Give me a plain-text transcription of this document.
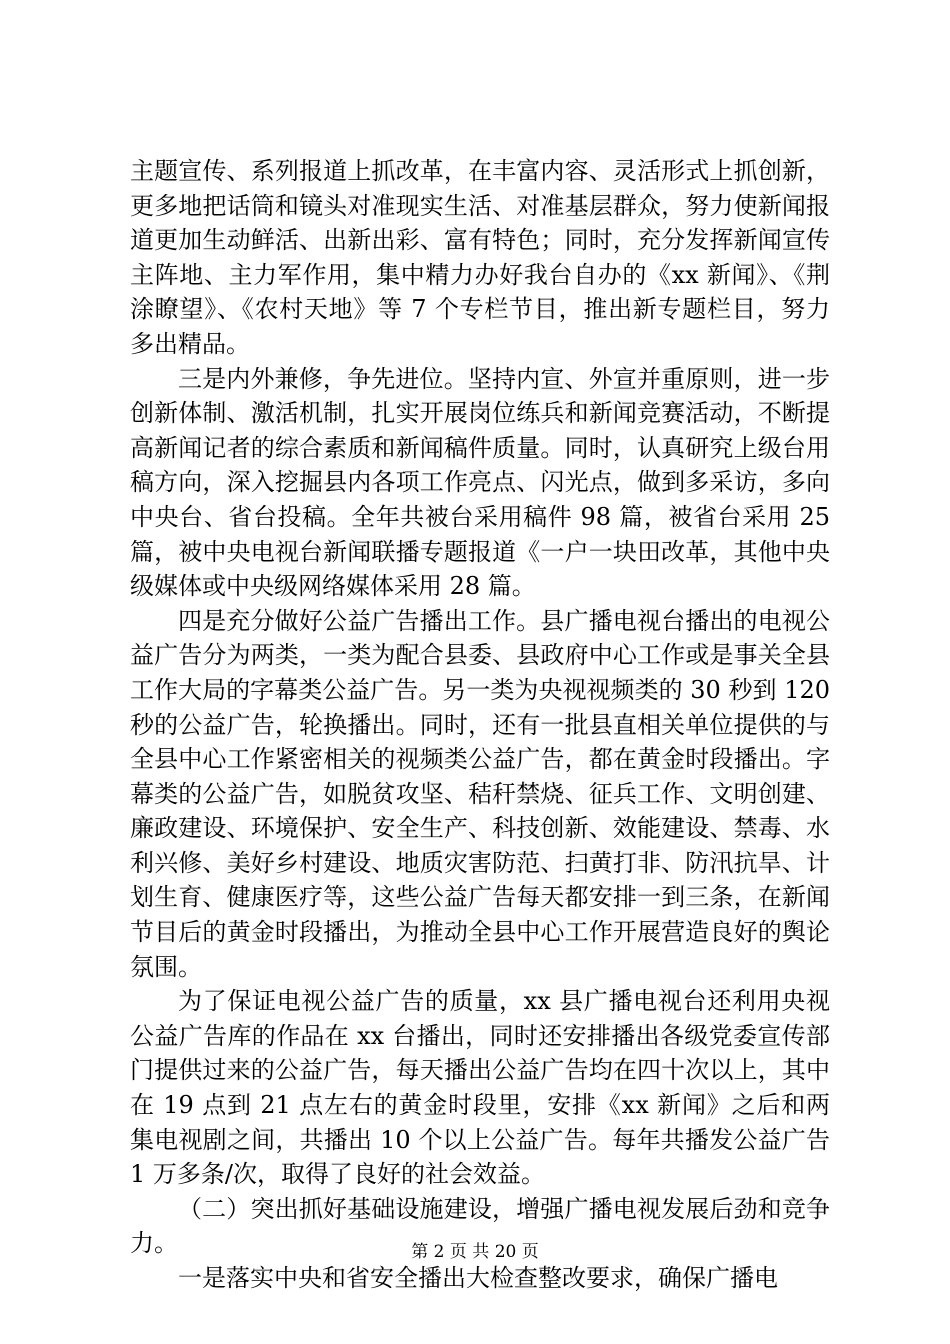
主题宣传、系列报道上抓改革，在丰富内容、灵活形式上抓创新，更多地把话筒和镜头对准现实生活、对准基层群众，努力使新闻报道更加生动鲜活、出新出彩、富有特色；同时，充分发挥新闻宣传主阵地、主力军作用，集中精力办好我台自办的《xx 新闻》、《荆涂瞭望》、《农村天地》等 7 个专栏节目，推出新专题栏目，努力多出精品。

三是内外兼修，争先进位。坚持内宣、外宣并重原则，进一步创新体制、激活机制，扎实开展岗位练兵和新闻竞赛活动，不断提高新闻记者的综合素质和新闻稿件质量。同时，认真研究上级台用稿方向，深入挖掘县内各项工作亮点、闪光点，做到多采访，多向中央台、省台投稿。全年共被台采用稿件 98 篇，被省台采用 25 篇，被中央电视台新闻联播专题报道《一户一块田改革，其他中央级媒体或中央级网络媒体采用 28 篇。

四是充分做好公益广告播出工作。县广播电视台播出的电视公益广告分为两类，一类为配合县委、县政府中心工作或是事关全县工作大局的字幕类公益广告。另一类为央视视频类的 30 秒到 120 秒的公益广告，轮换播出。同时，还有一批县直相关单位提供的与全县中心工作紧密相关的视频类公益广告，都在黄金时段播出。字幕类的公益广告，如脱贫攻坚、秸秆禁烧、征兵工作、文明创建、廉政建设、环境保护、安全生产、科技创新、效能建设、禁毒、水利兴修、美好乡村建设、地质灾害防范、扫黄打非、防汛抗旱、计划生育、健康医疗等，这些公益广告每天都安排一到三条，在新闻节目后的黄金时段播出，为推动全县中心工作开展营造良好的舆论氛围。

为了保证电视公益广告的质量，xx 县广播电视台还利用央视公益广告库的作品在 xx 台播出，同时还安排播出各级党委宣传部门提供过来的公益广告，每天播出公益广告均在四十次以上，其中在 19 点到 21 点左右的黄金时段里，安排《xx 新闻》之后和两集电视剧之间，共播出 10 个以上公益广告。每年共播发公益广告 1 万多条/次，取得了良好的社会效益。

（二）突出抓好基础设施建设，增强广播电视发展后劲和竞争力。

一是落实中央和省安全播出大检查整改要求，确保广播电

第 2 页 共 20 页
